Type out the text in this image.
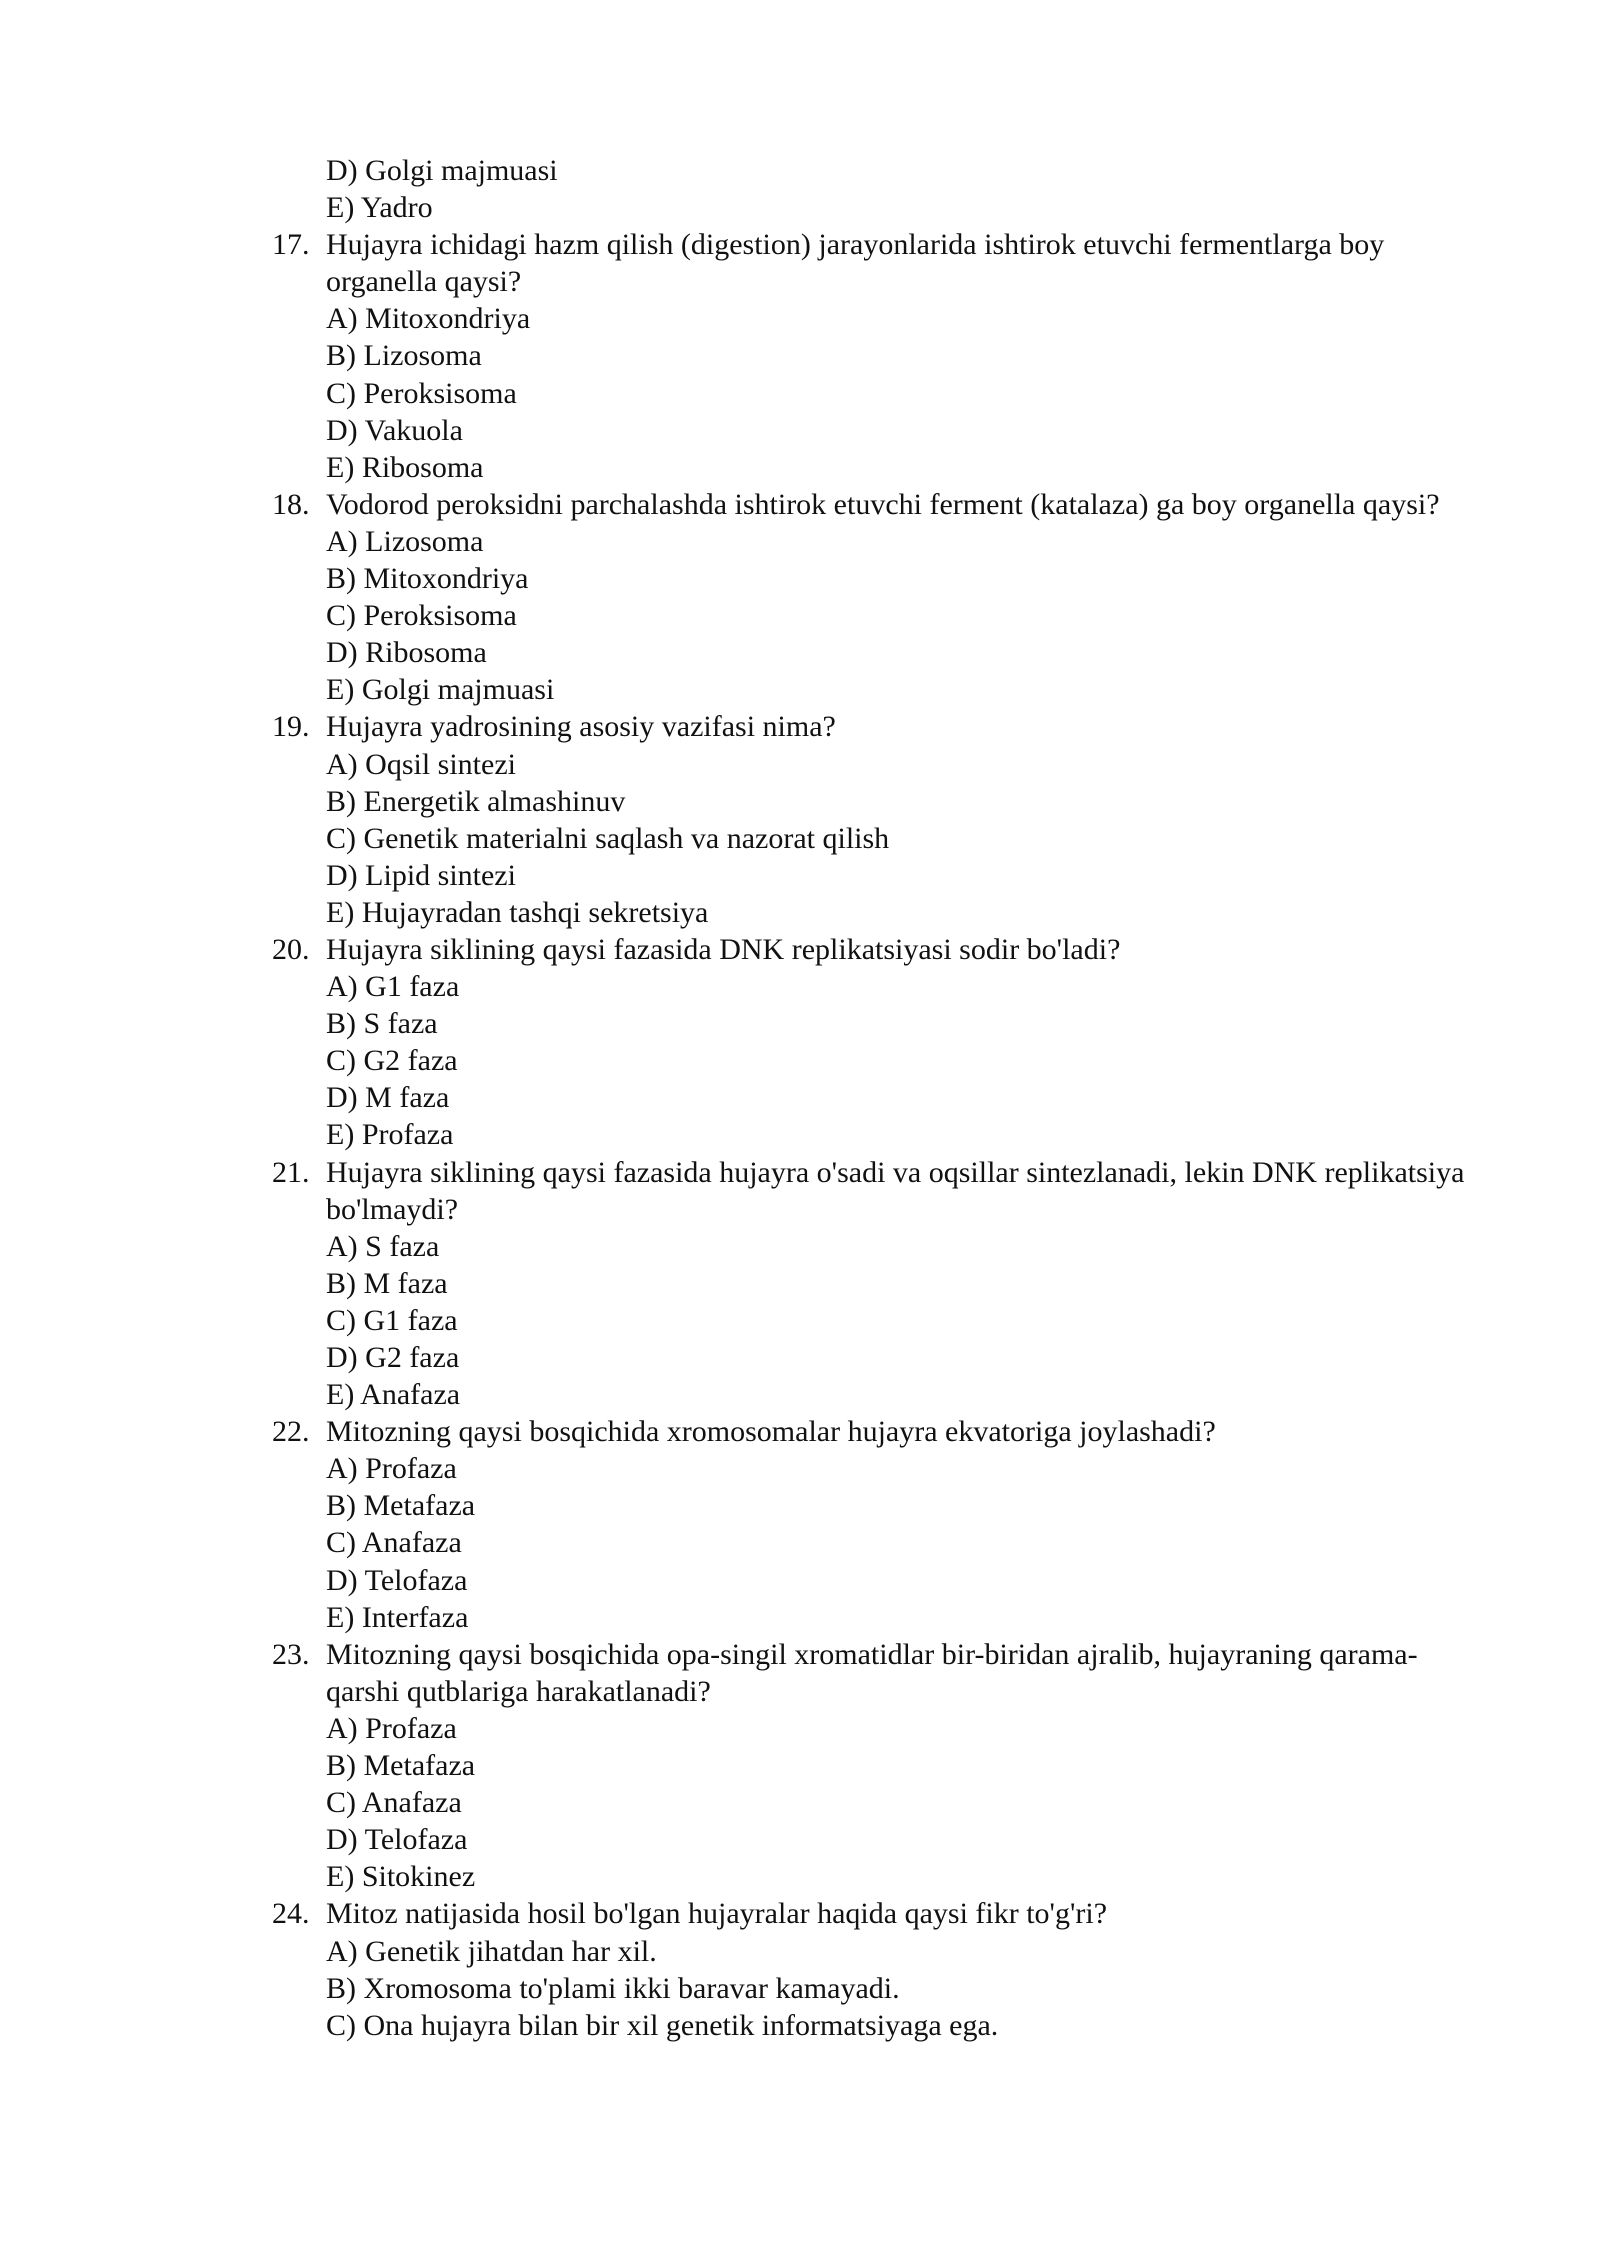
D) Golgi majmuasi
E) Yadro
17. Hujayra ichidagi hazm qilish (digestion) jarayonlarida ishtirok etuvchi fermentlarga boy organella qaysi?
A) Mitoxondriya
B) Lizosoma
C) Peroksisoma
D) Vakuola
E) Ribosoma
18. Vodorod peroksidni parchalashda ishtirok etuvchi ferment (katalaza) ga boy organella qaysi?
A) Lizosoma
B) Mitoxondriya
C) Peroksisoma
D) Ribosoma
E) Golgi majmuasi
19. Hujayra yadrosining asosiy vazifasi nima?
A) Oqsil sintezi
B) Energetik almashinuv
C) Genetik materialni saqlash va nazorat qilish
D) Lipid sintezi
E) Hujayradan tashqi sekretsiya
20. Hujayra siklining qaysi fazasida DNK replikatsiyasi sodir bo'ladi?
A) G1 faza
B) S faza
C) G2 faza
D) M faza
E) Profaza
21. Hujayra siklining qaysi fazasida hujayra o'sadi va oqsillar sintezlanadi, lekin DNK replikatsiya bo'lmaydi?
A) S faza
B) M faza
C) G1 faza
D) G2 faza
E) Anafaza
22. Mitozning qaysi bosqichida xromosomalar hujayra ekvatoriga joylashadi?
A) Profaza
B) Metafaza
C) Anafaza
D) Telofaza
E) Interfaza
23. Mitozning qaysi bosqichida opa-singil xromatidlar bir-biridan ajralib, hujayraning qarama-qarshi qutblariga harakatlanadi?
A) Profaza
B) Metafaza
C) Anafaza
D) Telofaza
E) Sitokinez
24. Mitoz natijasida hosil bo'lgan hujayralar haqida qaysi fikr to'g'ri?
A) Genetik jihatdan har xil.
B) Xromosoma to'plami ikki baravar kamayadi.
C) Ona hujayra bilan bir xil genetik informatsiyaga ega.
